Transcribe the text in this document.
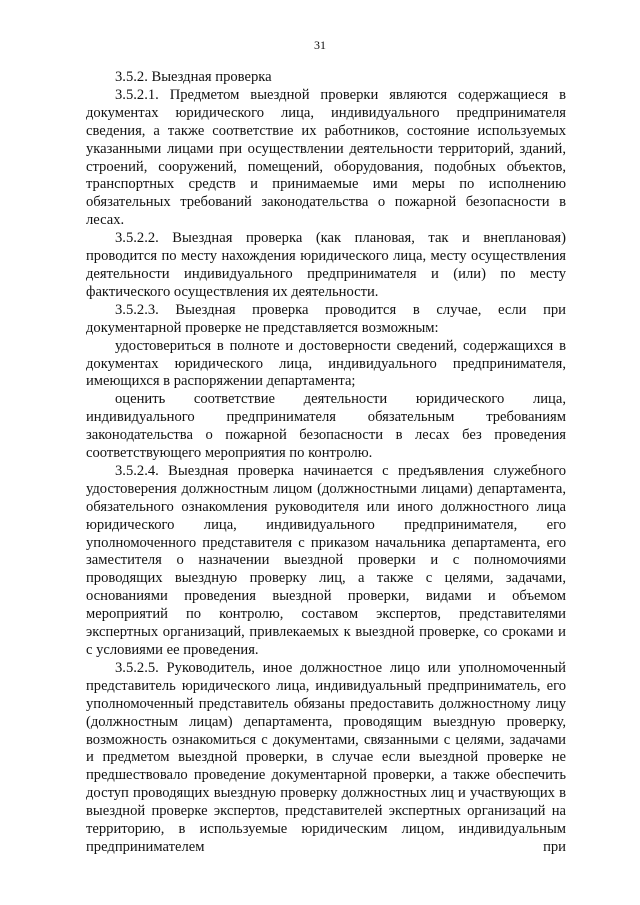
31

3.5.2. Выездная проверка

3.5.2.1. Предметом выездной проверки являются содержащиеся в документах юридического лица, индивидуального предпринимателя сведения, а также соответствие их работников, состояние используемых указанными лицами при осуществлении деятельности территорий, зданий, строений, сооружений, помещений, оборудования, подобных объектов, транспортных средств и принимаемые ими меры по исполнению обязательных требований законодательства о пожарной безопасности в лесах.

3.5.2.2. Выездная проверка (как плановая, так и внеплановая) проводится по месту нахождения юридического лица, месту осуществления деятельности индивидуального предпринимателя и (или) по месту фактического осуществления их деятельности.

3.5.2.3. Выездная проверка проводится в случае, если при документарной проверке не представляется возможным:

удостовериться в полноте и достоверности сведений, содержащихся в документах юридического лица, индивидуального предпринимателя, имеющихся в распоряжении департамента;

оценить соответствие деятельности юридического лица, индивидуального предпринимателя обязательным требованиям законодательства о пожарной безопасности в лесах без проведения соответствующего мероприятия по контролю.

3.5.2.4. Выездная проверка начинается с предъявления служебного удостоверения должностным лицом (должностными лицами) департамента, обязательного ознакомления руководителя или иного должностного лица юридического лица, индивидуального предпринимателя, его уполномоченного представителя с приказом начальника департамента, его заместителя о назначении выездной проверки и с полномочиями проводящих выездную проверку лиц, а также с целями, задачами, основаниями проведения выездной проверки, видами и объемом мероприятий по контролю, составом экспертов, представителями экспертных организаций, привлекаемых к выездной проверке, со сроками и с условиями ее проведения.

3.5.2.5. Руководитель, иное должностное лицо или уполномоченный представитель юридического лица, индивидуальный предприниматель, его уполномоченный представитель обязаны предоставить должностному лицу (должностным лицам) департамента, проводящим выездную проверку, возможность ознакомиться с документами, связанными с целями, задачами и предметом выездной проверки, в случае если выездной проверке не предшествовало проведение документарной проверки, а также обеспечить доступ проводящих выездную проверку должностных лиц и участвующих в выездной проверке экспертов, представителей экспертных организаций на территорию, в используемые юридическим лицом, индивидуальным предпринимателем при
